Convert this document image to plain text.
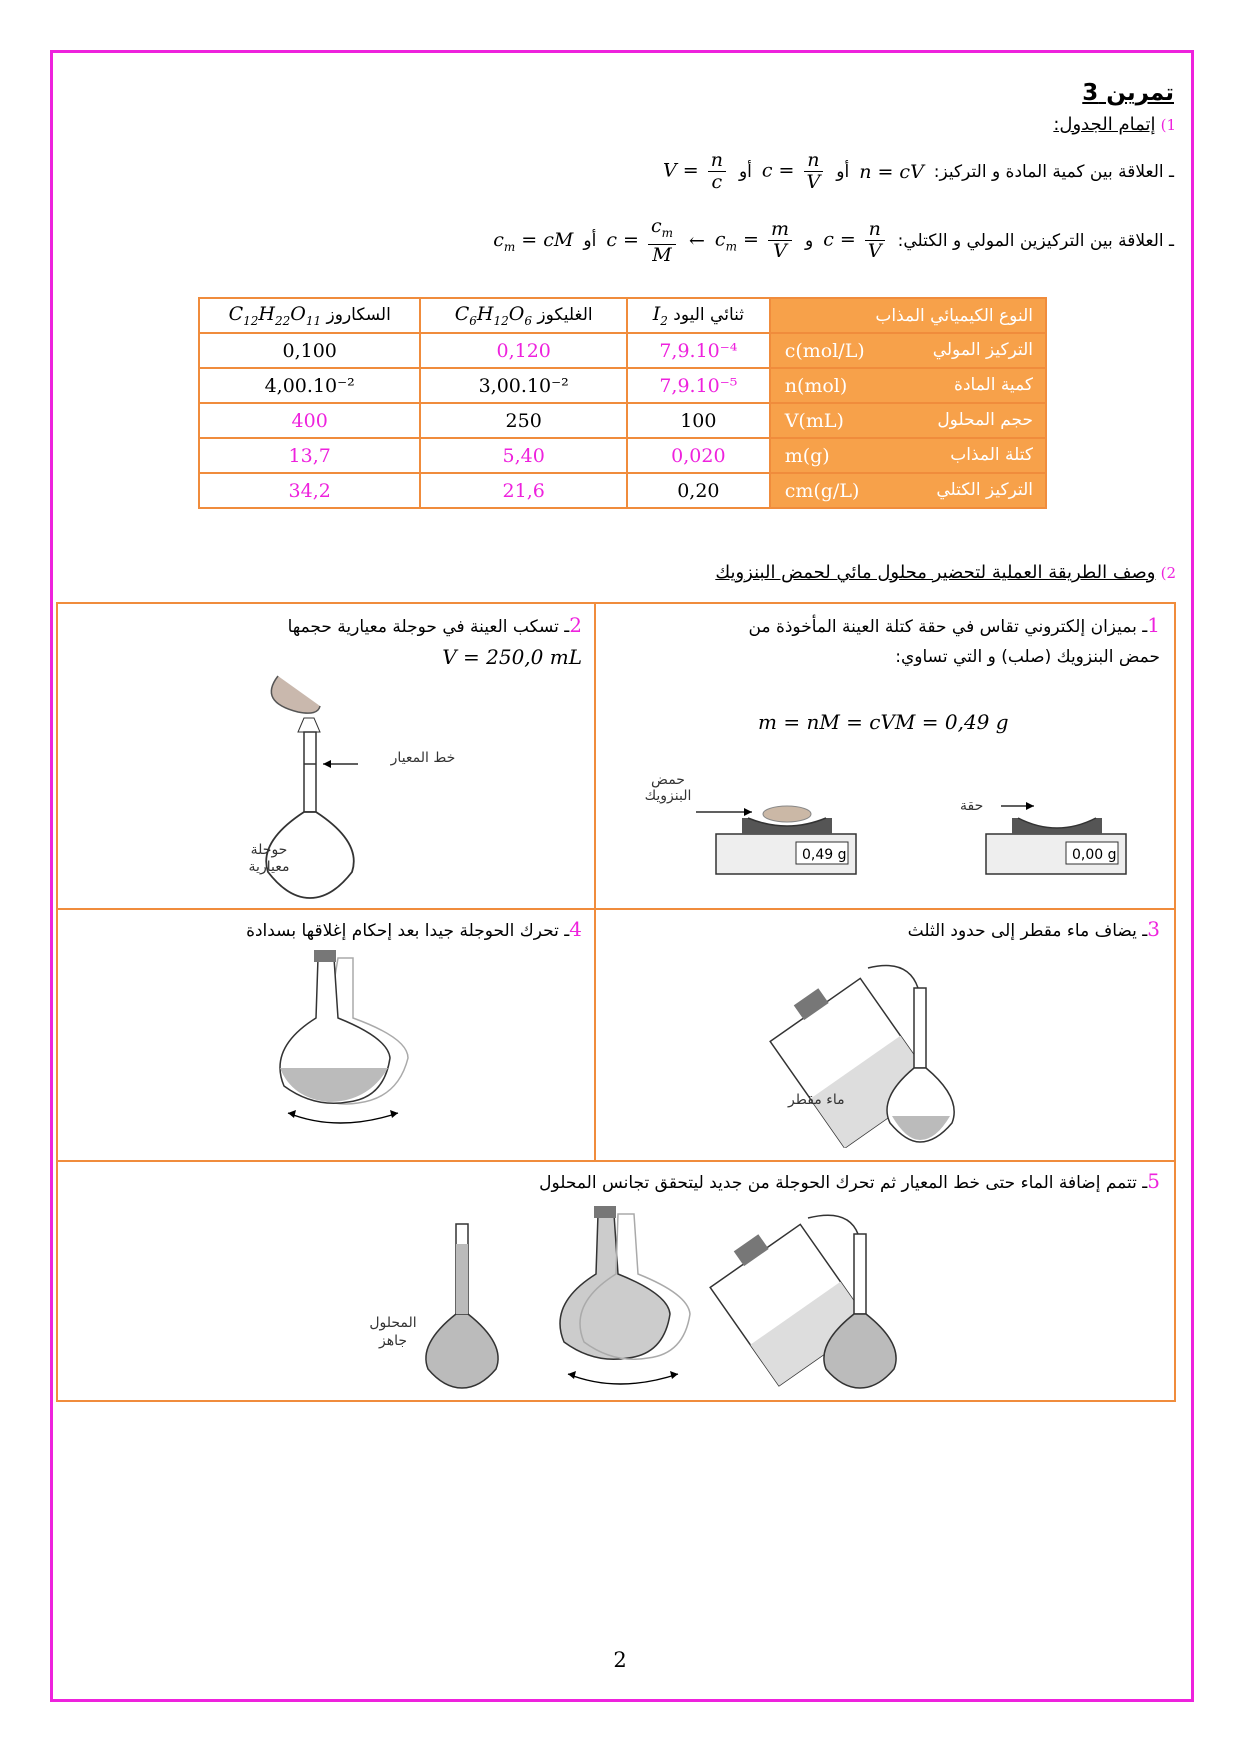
تمرين 3
1) إتمام الجدول:
ـ العلاقة بين كمية المادة و التركيز:
n = cV
أو
$c = \frac{n}{V}$
أو
$V = \frac{n}{c}$
ـ العلاقة بين التركيزين المولي و الكتلي:
$c = \frac{n}{V}$
و
$c_m = \frac{m}{V}$
←
$c = \frac{c_m}{M}$
أو
$c_m$ = cM
$C_{12}H_{22}O_{11}$ السكاروز	$C_6H_{12}O_6$ الغليكوز	$I_2$ ثنائي اليود	النوع الكيميائي المذاب

0,100	0,120	7,9.10⁻⁴	c(mol/L) التركيز المولي

4,00.10⁻²	3,00.10⁻²	7,9.10⁻⁵	n(mol) كمية المادة

400	250	100	V(mL) حجم المحلول

13,7	5,40	0,020	m(g) كتلة المذاب

34,2	21,6	0,20	cm(g/L) التركيز الكتلي
2) وصف الطريقة العملية لتحضير محلول مائي لحمض البنزويك
1ـ بميزان إلكتروني تقاس في حقة كتلة العينة المأخوذة من
حمض البنزويك (صلب) و التي تساوي:
m = nM = cVM = 0,49 g
0,49 g	0,00 g
حمض البنزويك
حقة
2ـ تسكب العينة في حوجلة معيارية حجمها
V = 250,0 mL
خط المعيار
حوجلة معيارية
3ـ يضاف ماء مقطر إلى حدود الثلث
ماء مقطر
4ـ تحرك الحوجلة جيدا بعد إحكام إغلاقها بسدادة
5ـ تتمم إضافة الماء حتى خط المعيار ثم تحرك الحوجلة من جديد ليتحقق تجانس المحلول
المحلول جاهز
2
